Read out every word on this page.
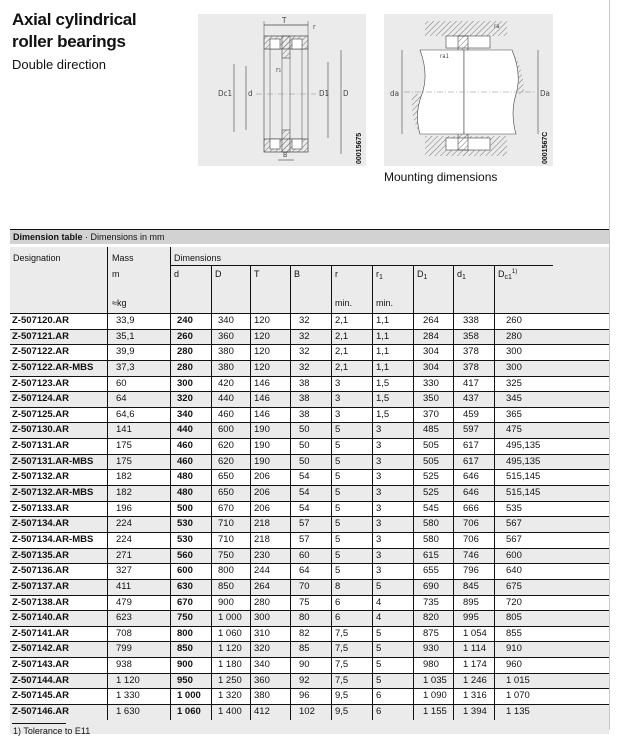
Axial cylindrical
roller bearings
Double direction
T
r
r₁
Dc1 d	D1 D
B	00015675
da	Da
ra
ra1
0001567C
Mounting dimensions
Dimension table · Dimensions in mm
Designation	Mass
m
≈kg
Dimensions
d	D	T	B	r
min.
$r_1$
min.
$D_1$	$d_1$	$D_{c1}^{1)}$
Z-507120.AR	33,9	240	340	120	32	2,1	1,1	264	338	260
Z-507121.AR	35,1	260	360	120	32	2,1	1,1	284	358	280
Z-507122.AR	39,9	280	380	120	32	2,1	1,1	304	378	300
Z-507122.AR-MBS	37,3	280	380	120	32	2,1	1,1	304	378	300
Z-507123.AR	60	300	420	146	38	3	1,5	330	417	325
Z-507124.AR	64	320	440	146	38	3	1,5	350	437	345
Z-507125.AR	64,6	340	460	146	38	3	1,5	370	459	365
Z-507130.AR	141	440	600	190	50	5	3	485	597	475
Z-507131.AR	175	460	620	190	50	5	3	505	617	495,135
Z-507131.AR-MBS	175	460	620	190	50	5	3	505	617	495,135
Z-507132.AR	182	480	650	206	54	5	3	525	646	515,145
Z-507132.AR-MBS	182	480	650	206	54	5	3	525	646	515,145
Z-507133.AR	196	500	670	206	54	5	3	545	666	535
Z-507134.AR	224	530	710	218	57	5	3	580	706	567
Z-507134.AR-MBS	224	530	710	218	57	5	3	580	706	567
Z-507135.AR	271	560	750	230	60	5	3	615	746	600
Z-507136.AR	327	600	800	244	64	5	3	655	796	640
Z-507137.AR	411	630	850	264	70	8	5	690	845	675
Z-507138.AR	479	670	900	280	75	6	4	735	895	720
Z-507140.AR	623	750	1 000	300	80	6	4	820	995	805
Z-507141.AR	708	800	1 060	310	82	7,5	5	875	1 054	855
Z-507142.AR	799	850	1 120	320	85	7,5	5	930	1 114	910
Z-507143.AR	938	900	1 180	340	90	7,5	5	980	1 174	960
Z-507144.AR	1 120	950	1 250	360	92	7,5	5	1 035	1 246	1 015
Z-507145.AR	1 330	1 000	1 320	380	96	9,5	6	1 090	1 316	1 070
Z-507146.AR	1 630	1 060	1 400	412	102	9,5	6	1 155	1 394	1 135
1) Tolerance to E11
